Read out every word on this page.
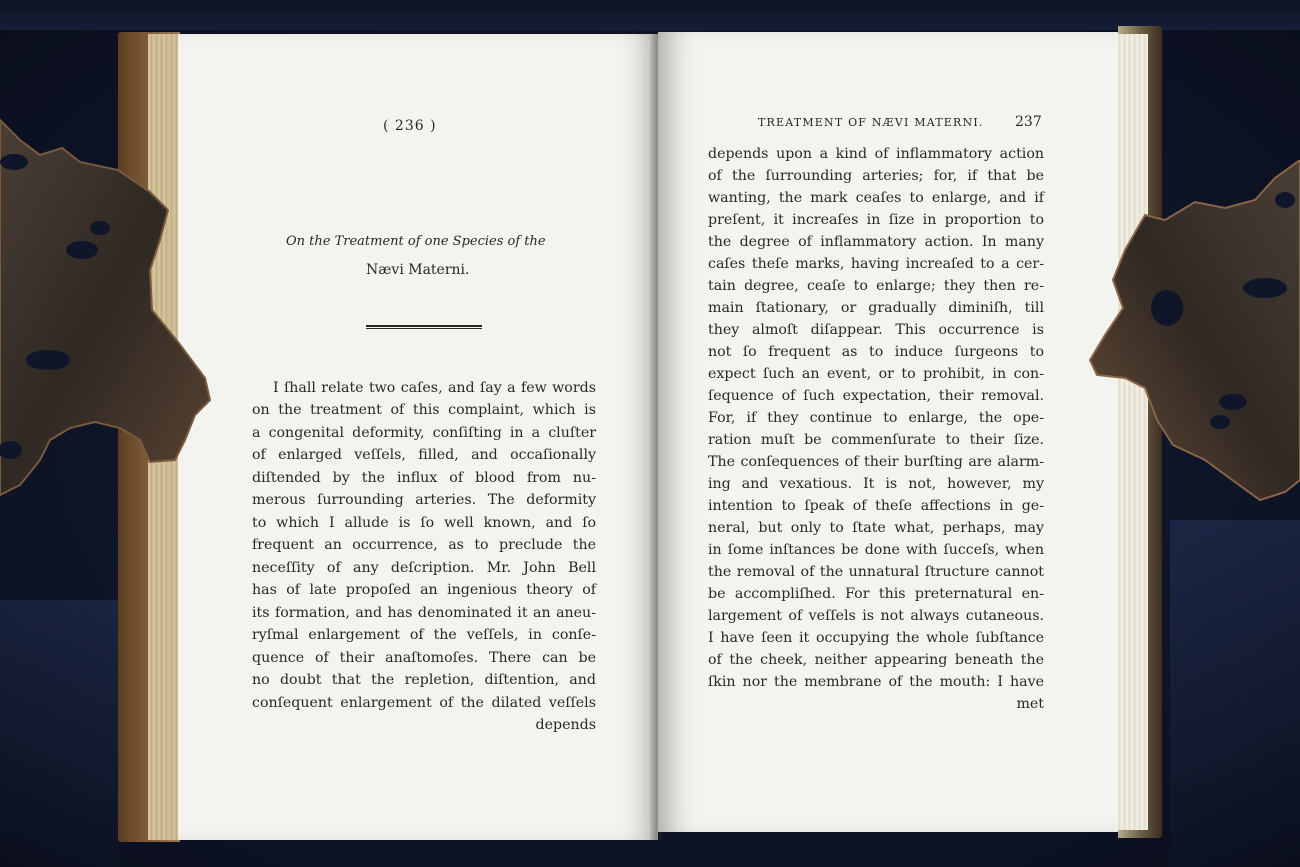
( 236 )
On the Treatment of one Species of the
Nævi Materni.
I ſhall relate two caſes, and ſay a few words
on the treatment of this complaint, which is
a congenital deformity, conſiſting in a cluſter
of enlarged veſſels, filled, and occaſionally
diſtended by the influx of blood from nu-
merous ſurrounding arteries. The deformity
to which I allude is ſo well known, and ſo
frequent an occurrence, as to preclude the
neceſſity of any deſcription. Mr. John Bell
has of late propoſed an ingenious theory of
its formation, and has denominated it an aneu-
ryſmal enlargement of the veſſels, in conſe-
quence of their anaſtomoſes. There can be
no doubt that the repletion, diſtention, and
conſequent enlargement of the dilated veſſels
depends
TREATMENT OF NÆVI MATERNI. 237
depends upon a kind of inflammatory action
of the ſurrounding arteries; for, if that be
wanting, the mark ceaſes to enlarge, and if
preſent, it increaſes in ſize in proportion to
the degree of inflammatory action. In many
caſes theſe marks, having increaſed to a cer-
tain degree, ceaſe to enlarge; they then re-
main ſtationary, or gradually diminiſh, till
they almoſt diſappear. This occurrence is
not ſo frequent as to induce ſurgeons to
expect ſuch an event, or to prohibit, in con-
ſequence of ſuch expectation, their removal.
For, if they continue to enlarge, the ope-
ration muſt be commenſurate to their ſize.
The conſequences of their burſting are alarm-
ing and vexatious. It is not, however, my
intention to ſpeak of theſe affections in ge-
neral, but only to ſtate what, perhaps, may
in ſome inſtances be done with ſucceſs, when
the removal of the unnatural ſtructure cannot
be accompliſhed. For this preternatural en-
largement of veſſels is not always cutaneous.
I have ſeen it occupying the whole ſubſtance
of the cheek, neither appearing beneath the
ſkin nor the membrane of the mouth: I have
met
